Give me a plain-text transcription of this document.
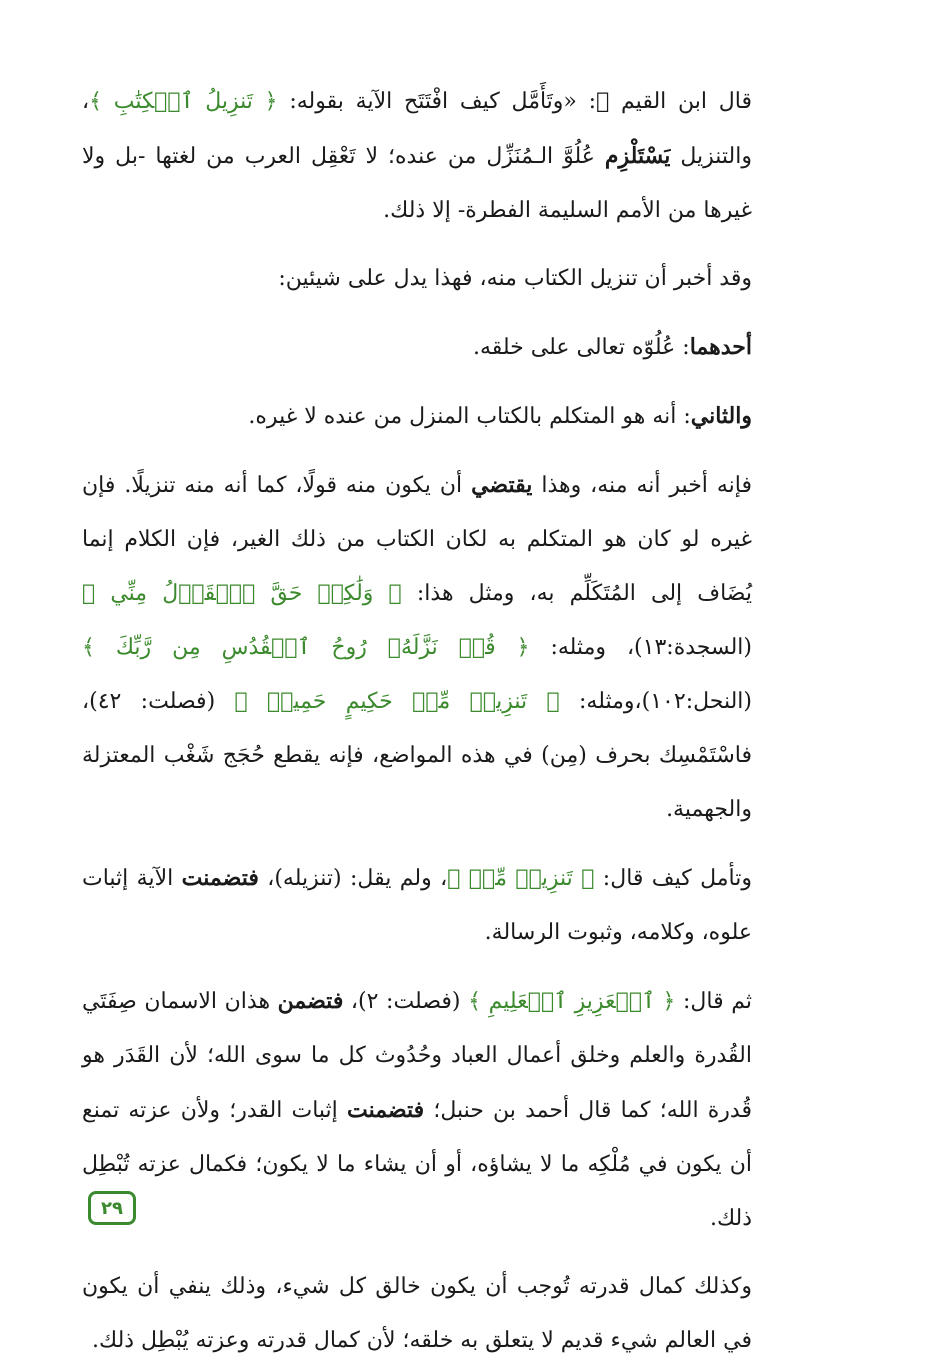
قال ابن القيم ﷬: «وتَأَمَّل كيف افْتَتَح الآية بقوله: ﴿ تَنزِيلُ ٱلۡكِتَٰبِ ﴾، والتنزيل يَسْتَلْزِم عُلُوَّ الـمُنَزِّل من عنده؛ لا تَعْقِل العرب من لغتها -بل ولا غيرها من الأمم السليمة الفطرة- إلا ذلك.

وقد أخبر أن تنزيل الكتاب منه، فهذا يدل على شيئين:

أحدهما: عُلُوّه تعالى على خلقه.

والثاني: أنه هو المتكلم بالكتاب المنزل من عنده لا غيره.

فإنه أخبر أنه منه، وهذا يقتضي أن يكون منه قولًا، كما أنه منه تنزيلًا. فإن غيره لو كان هو المتكلم به لكان الكتاب من ذلك الغير، فإن الكلام إنما يُضَاف إلى المُتَكَلِّم به، ومثل هذا: ﴿ وَلَٰكِنۡ حَقَّ ٱلۡقَوۡلُ مِنِّي ﴾ (السجدة:١٣)، ومثله: ﴿ قُلۡ نَزَّلَهُۥ رُوحُ ٱلۡقُدُسِ مِن رَّبِّكَ ﴾ (النحل:١٠٢)،ومثله: ﴿ تَنزِيلٞ مِّنۡ حَكِيمٍ حَمِيدٖ ﴾ (فصلت: ٤٢)، فاسْتَمْسِك بحرف (مِن) في هذه المواضع، فإنه يقطع حُجَج شَغْب المعتزلة والجهمية.

وتأمل كيف قال: ﴿ تَنزِيلٞ مِّنۡ ﴾، ولم يقل: (تنزيله)، فتضمنت الآية إثبات علوه، وكلامه، وثبوت الرسالة.

ثم قال: ﴿ ٱلۡعَزِيزِ ٱلۡعَلِيمِ ﴾ (فصلت: ٢)، فتضمن هذان الاسمان صِفَتَي القُدرة والعلم وخلق أعمال العباد وحُدُوث كل ما سوى الله؛ لأن القَدَر هو قُدرة الله؛ كما قال أحمد بن حنبل؛ فتضمنت إثبات القدر؛ ولأن عزته تمنع أن يكون في مُلْكِه ما لا يشاؤه، أو أن يشاء ما لا يكون؛ فكمال عزته تُبْطِل ذلك.

وكذلك كمال قدرته تُوجب أن يكون خالق كل شيء، وذلك ينفي أن يكون في العالم شيء قديم لا يتعلق به خلقه؛ لأن كمال قدرته وعزته يُبْطِل ذلك.

٢٩
